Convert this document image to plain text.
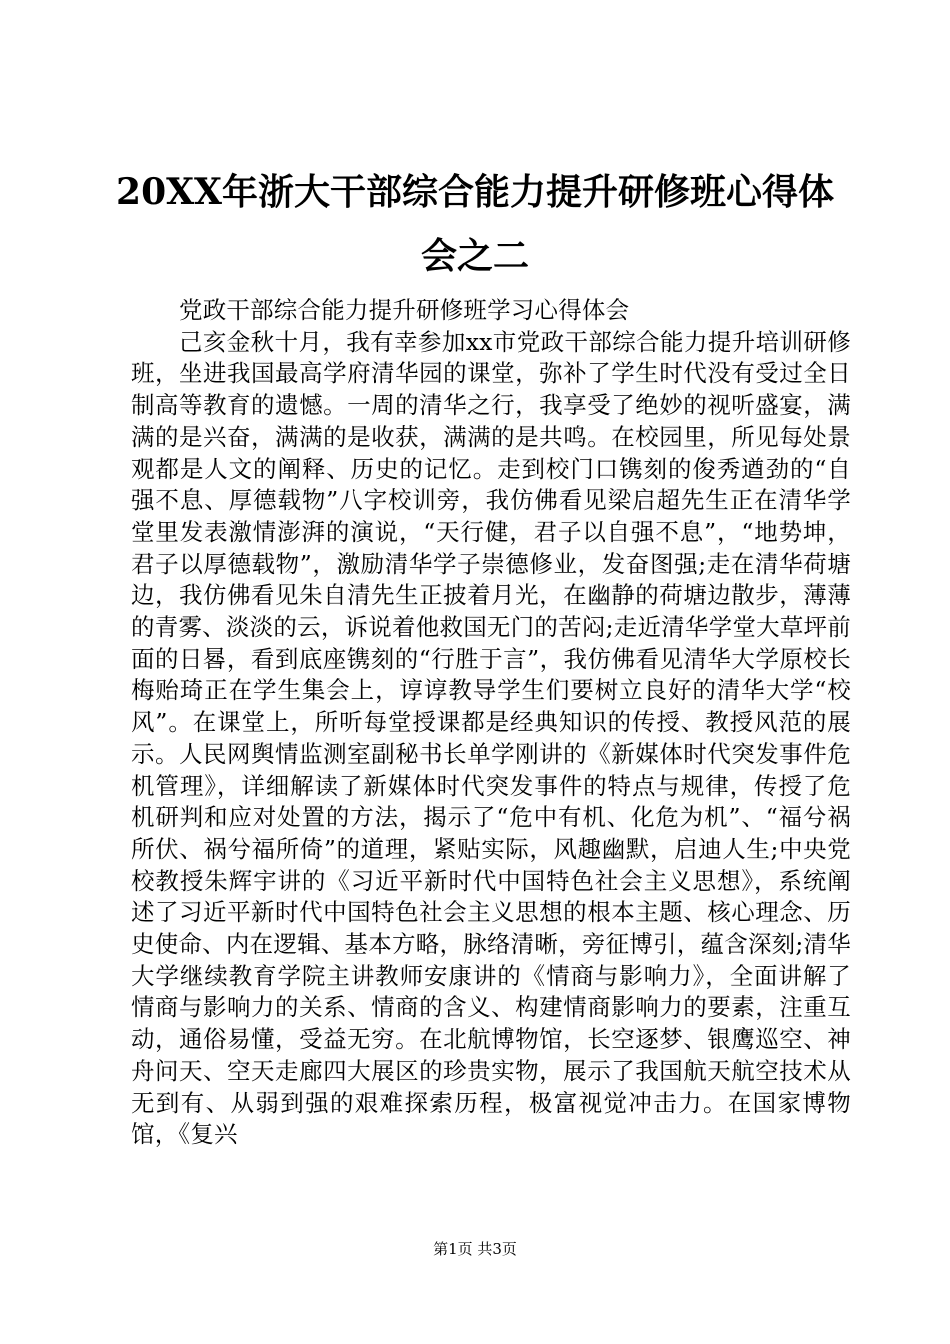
20XX年浙大干部综合能力提升研修班心得体会之二

党政干部综合能力提升研修班学习心得体会

己亥金秋十月，我有幸参加xx市党政干部综合能力提升培训研修班，坐进我国最高学府清华园的课堂，弥补了学生时代没有受过全日制高等教育的遗憾。一周的清华之行，我享受了绝妙的视听盛宴，满满的是兴奋，满满的是收获，满满的是共鸣。在校园里，所见每处景观都是人文的阐释、历史的记忆。走到校门口镌刻的俊秀遒劲的“自强不息、厚德载物”八字校训旁，我仿佛看见梁启超先生正在清华学堂里发表激情澎湃的演说，“天行健，君子以自强不息”，“地势坤，君子以厚德载物”，激励清华学子崇德修业，发奋图强;走在清华荷塘边，我仿佛看见朱自清先生正披着月光，在幽静的荷塘边散步，薄薄的青雾、淡淡的云，诉说着他救国无门的苦闷;走近清华学堂大草坪前面的日晷，看到底座镌刻的“行胜于言”，我仿佛看见清华大学原校长梅贻琦正在学生集会上，谆谆教导学生们要树立良好的清华大学“校风”。在课堂上，所听每堂授课都是经典知识的传授、教授风范的展示。人民网舆情监测室副秘书长单学刚讲的《新媒体时代突发事件危机管理》，详细解读了新媒体时代突发事件的特点与规律，传授了危机研判和应对处置的方法，揭示了“危中有机、化危为机”、“福兮祸所伏、祸兮福所倚”的道理，紧贴实际，风趣幽默，启迪人生;中央党校教授朱辉宇讲的《习近平新时代中国特色社会主义思想》，系统阐述了习近平新时代中国特色社会主义思想的根本主题、核心理念、历史使命、内在逻辑、基本方略，脉络清晰，旁征博引，蕴含深刻;清华大学继续教育学院主讲教师安康讲的《情商与影响力》，全面讲解了情商与影响力的关系、情商的含义、构建情商影响力的要素，注重互动，通俗易懂，受益无穷。在北航博物馆，长空逐梦、银鹰巡空、神舟问天、空天走廊四大展区的珍贵实物，展示了我国航天航空技术从无到有、从弱到强的艰难探索历程，极富视觉冲击力。在国家博物馆，《复兴

第1页 共3页
